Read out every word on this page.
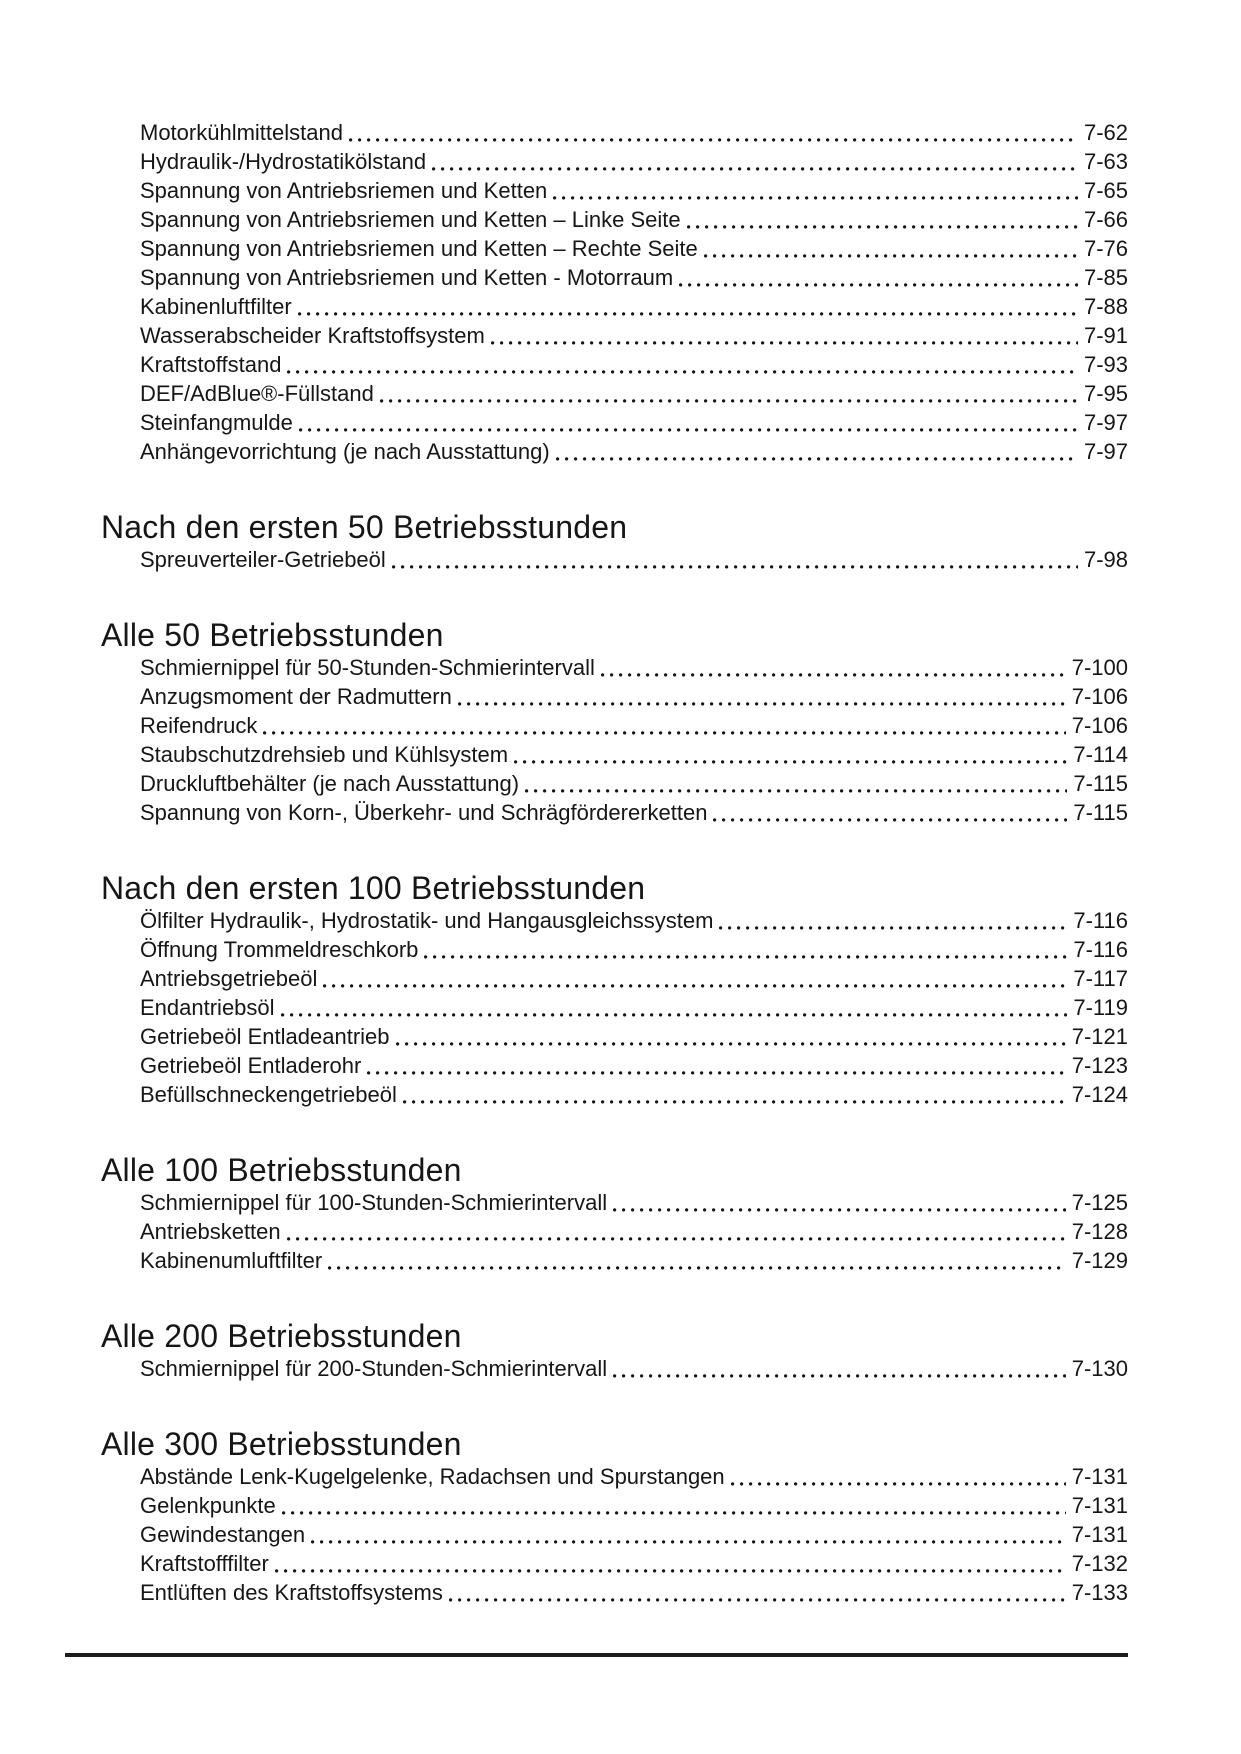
Motorkühlmittelstand	7-62
Hydraulik-/Hydrostatikölstand	7-63
Spannung von Antriebsriemen und Ketten	7-65
Spannung von Antriebsriemen und Ketten – Linke Seite	7-66
Spannung von Antriebsriemen und Ketten – Rechte Seite	7-76
Spannung von Antriebsriemen und Ketten - Motorraum	7-85
Kabinenluftfilter	7-88
Wasserabscheider Kraftstoffsystem	7-91
Kraftstoffstand	7-93
DEF/AdBlue®-Füllstand	7-95
Steinfangmulde	7-97
Anhängevorrichtung (je nach Ausstattung)	7-97
Nach den ersten 50 Betriebsstunden
Spreuverteiler-Getriebeöl	7-98
Alle 50 Betriebsstunden
Schmiernippel für 50-Stunden-Schmierintervall	7-100
Anzugsmoment der Radmuttern	7-106
Reifendruck	7-106
Staubschutzdrehsieb und Kühlsystem	7-114
Druckluftbehälter (je nach Ausstattung)	7-115
Spannung von Korn-, Überkehr- und Schrägfördererketten	7-115
Nach den ersten 100 Betriebsstunden
Ölfilter Hydraulik-, Hydrostatik- und Hangausgleichssystem	7-116
Öffnung Trommeldreschkorb	7-116
Antriebsgetriebeöl	7-117
Endantriebsöl	7-119
Getriebeöl Entladeantrieb	7-121
Getriebeöl Entladerohr	7-123
Befüllschneckengetriebeöl	7-124
Alle 100 Betriebsstunden
Schmiernippel für 100-Stunden-Schmierintervall	7-125
Antriebsketten	7-128
Kabinenumluftfilter	7-129
Alle 200 Betriebsstunden
Schmiernippel für 200-Stunden-Schmierintervall	7-130
Alle 300 Betriebsstunden
Abstände Lenk-Kugelgelenke, Radachsen und Spurstangen	7-131
Gelenkpunkte	7-131
Gewindestangen	7-131
Kraftstofffilter	7-132
Entlüften des Kraftstoffsystems	7-133
